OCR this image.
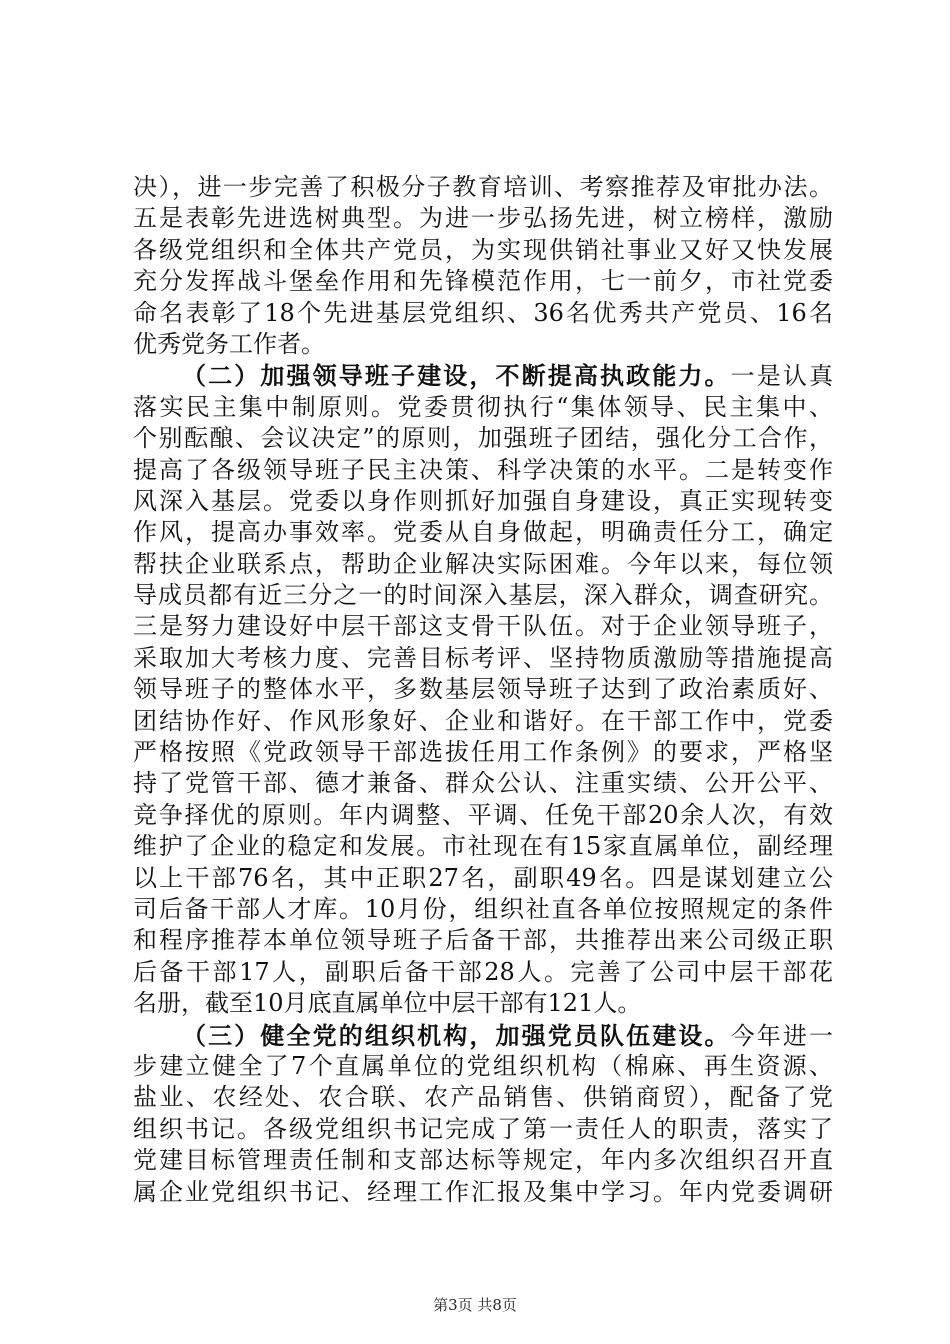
决），进一步完善了积极分子教育培训、考察推荐及审批办法。
五是表彰先进选树典型。为进一步弘扬先进，树立榜样，激励
各级党组织和全体共产党员，为实现供销社事业又好又快发展
充分发挥战斗堡垒作用和先锋模范作用，七一前夕，市社党委
命名表彰了18个先进基层党组织、36名优秀共产党员、16名
优秀党务工作者。
（二）加强领导班子建设，不断提高执政能力。一是认真
落实民主集中制原则。党委贯彻执行“集体领导、民主集中、
个别酝酿、会议决定”的原则，加强班子团结，强化分工合作，
提高了各级领导班子民主决策、科学决策的水平。二是转变作
风深入基层。党委以身作则抓好加强自身建设，真正实现转变
作风，提高办事效率。党委从自身做起，明确责任分工，确定
帮扶企业联系点，帮助企业解决实际困难。今年以来，每位领
导成员都有近三分之一的时间深入基层，深入群众，调查研究。
三是努力建设好中层干部这支骨干队伍。对于企业领导班子，
采取加大考核力度、完善目标考评、坚持物质激励等措施提高
领导班子的整体水平，多数基层领导班子达到了政治素质好、
团结协作好、作风形象好、企业和谐好。在干部工作中，党委
严格按照《党政领导干部选拔任用工作条例》的要求，严格坚
持了党管干部、德才兼备、群众公认、注重实绩、公开公平、
竞争择优的原则。年内调整、平调、任免干部20余人次，有效
维护了企业的稳定和发展。市社现在有15家直属单位，副经理
以上干部76名，其中正职27名，副职49名。四是谋划建立公
司后备干部人才库。10月份，组织社直各单位按照规定的条件
和程序推荐本单位领导班子后备干部，共推荐出来公司级正职
后备干部17人，副职后备干部28人。完善了公司中层干部花
名册，截至10月底直属单位中层干部有121人。
（三）健全党的组织机构，加强党员队伍建设。今年进一
步建立健全了7个直属单位的党组织机构（棉麻、再生资源、
盐业、农经处、农合联、农产品销售、供销商贸），配备了党
组织书记。各级党组织书记完成了第一责任人的职责，落实了
党建目标管理责任制和支部达标等规定，年内多次组织召开直
属企业党组织书记、经理工作汇报及集中学习。年内党委调研
第3页 共8页
